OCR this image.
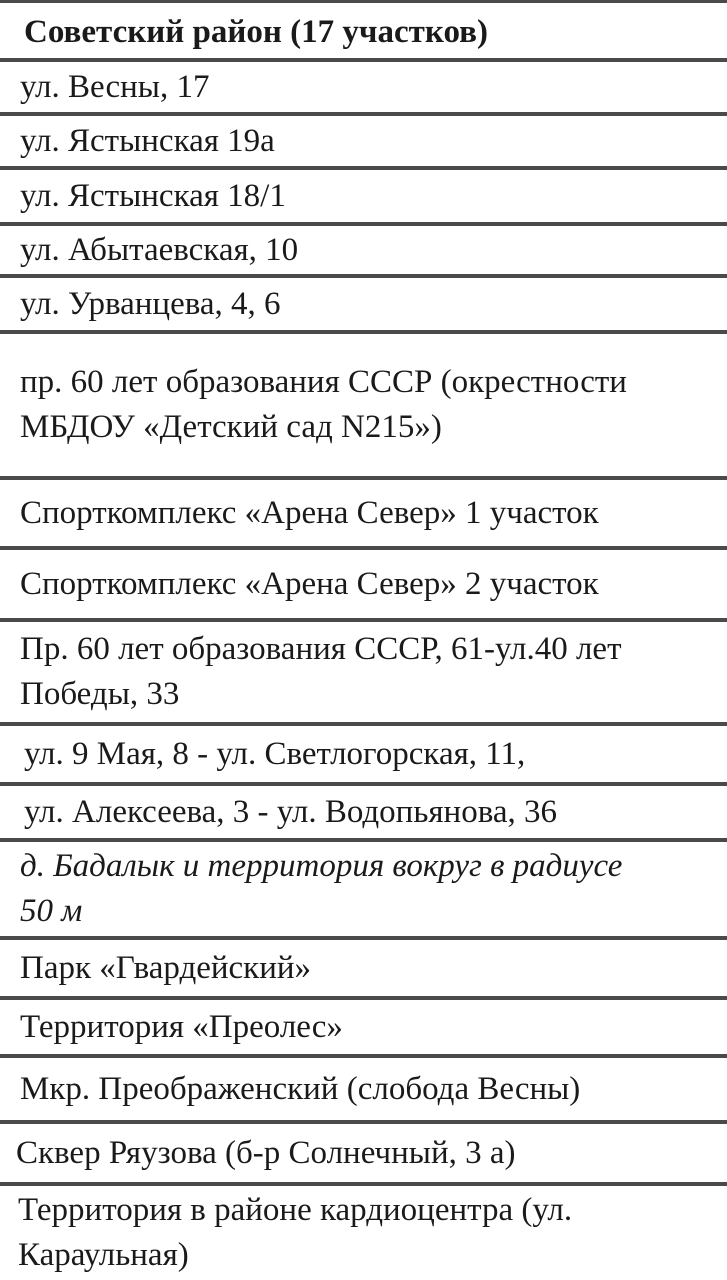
Советский район (17 участков)
ул. Весны, 17
ул. Ястынская 19а
ул. Ястынская 18/1
ул. Абытаевская, 10
ул. Урванцева, 4, 6
пр. 60 лет образования СССР (окрестности МБДОУ «Детский сад N215»)
Спорткомплекс «Арена Север» 1 участок
Спорткомплекс «Арена Север» 2 участок
Пр. 60 лет образования СССР, 61-ул.40 лет Победы, 33
ул. 9 Мая, 8 - ул. Светлогорская, 11,
ул. Алексеева, 3 - ул. Водопьянова, 36
д. Бадалык и территория вокруг в радиусе 50 м
Парк «Гвардейский»
Территория «Преолес»
Мкр. Преображенский (слобода Весны)
Сквер Ряузова (б-р Солнечный, 3 а)
Территория в районе кардиоцентра (ул. Караульная)
